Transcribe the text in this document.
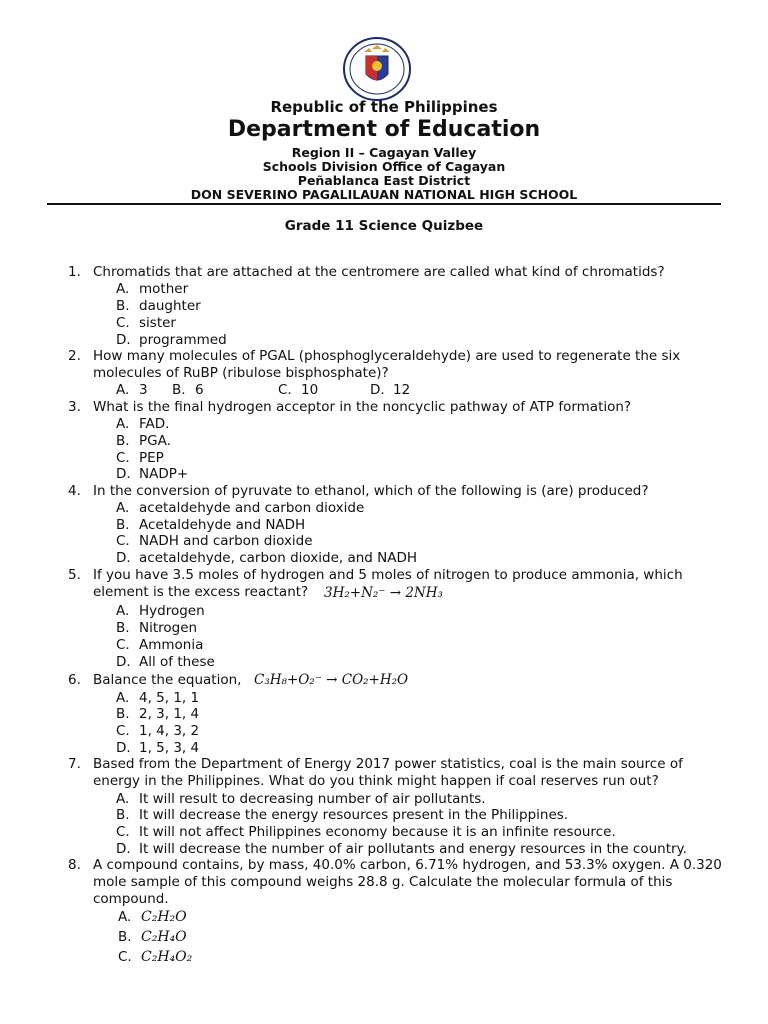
Republic of the Philippines
Department of Education
Region II – Cagayan Valley
Schools Division Office of Cagayan
Peñablanca East District
DON SEVERINO PAGALILAUAN NATIONAL HIGH SCHOOL
Grade 11 Science Quizbee
1. Chromatids that are attached at the centromere are called what kind of chromatids?
A. mother
B. daughter
C. sister
D. programmed
2. How many molecules of PGAL (phosphoglyceraldehyde) are used to regenerate the six molecules of RuBP (ribulose bisphosphate)?
A. 3 B. 6	C. 10	D. 12
3. What is the final hydrogen acceptor in the noncyclic pathway of ATP formation?
A. FAD.
B. PGA.
C. PEP
D. NADP+
4. In the conversion of pyruvate to ethanol, which of the following is (are) produced?
A. acetaldehyde and carbon dioxide
B. Acetaldehyde and NADH
C. NADH and carbon dioxide
D. acetaldehyde, carbon dioxide, and NADH
5. If you have 3.5 moles of hydrogen and 5 moles of nitrogen to produce ammonia, which element is the excess reactant?	3H₂+N₂⁻ → 2NH₃
A. Hydrogen
B. Nitrogen
C. Ammonia
D. All of these
6. Balance the equation, C₃H₈+O₂⁻ → CO₂+H₂O
A. 4, 5, 1, 1
B. 2, 3, 1, 4
C. 1, 4, 3, 2
D. 1, 5, 3, 4
7. Based from the Department of Energy 2017 power statistics, coal is the main source of energy in the Philippines. What do you think might happen if coal reserves run out?
A. It will result to decreasing number of air pollutants.
B. It will decrease the energy resources present in the Philippines.
C. It will not affect Philippines economy because it is an infinite resource.
D. It will decrease the number of air pollutants and energy resources in the country.
8. A compound contains, by mass, 40.0% carbon, 6.71% hydrogen, and 53.3% oxygen. A 0.320 mole sample of this compound weighs 28.8 g. Calculate the molecular formula of this compound.
A. C₂H₂O
B. C₂H₄O
C. C₂H₄O₂
